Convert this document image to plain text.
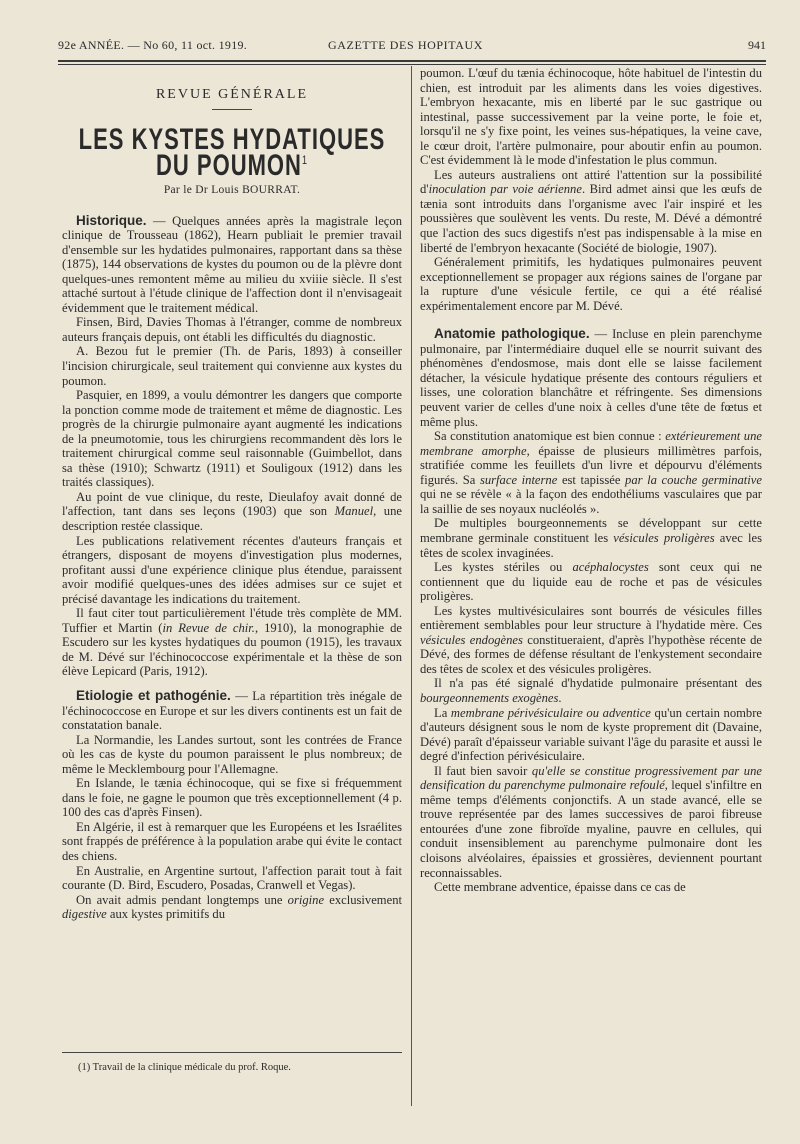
92e ANNÉE. — No 60, 11 oct. 1919.	GAZETTE DES HOPITAUX	941
REVUE GÉNÉRALE
LES KYSTES HYDATIQUES DU POUMON$^1$
Par le Dr Louis BOURRAT.

Historique. — Quelques années après la magistrale leçon clinique de Trousseau (1862), Hearn publiait le premier travail d'ensemble sur les hydatides pulmonaires, rapportant dans sa thèse (1875), 144 observations de kystes du poumon ou de la plèvre dont quelques-unes remontent même au milieu du xviiie siècle. Il s'est attaché surtout à l'étude clinique de l'affection dont il n'envisageait évidemment que le traitement médical.

Finsen, Bird, Davies Thomas à l'étranger, comme de nombreux auteurs français depuis, ont établi les difficultés du diagnostic.

A. Bezou fut le premier (Th. de Paris, 1893) à conseiller l'incision chirurgicale, seul traitement qui convienne aux kystes du poumon.

Pasquier, en 1899, a voulu démontrer les dangers que comporte la ponction comme mode de traitement et même de diagnostic. Les progrès de la chirurgie pulmonaire ayant augmenté les indications de la pneumotomie, tous les chirurgiens recommandent dès lors le traitement chirurgical comme seul raisonnable (Guimbellot, dans sa thèse (1910); Schwartz (1911) et Souligoux (1912) dans les traités classiques).

Au point de vue clinique, du reste, Dieulafoy avait donné de l'affection, tant dans ses leçons (1903) que son Manuel, une description restée classique.

Les publications relativement récentes d'auteurs français et étrangers, disposant de moyens d'investigation plus modernes, profitant aussi d'une expérience clinique plus étendue, paraissent avoir modifié quelques-unes des idées admises sur ce sujet et précisé davantage les indications du traitement.

Il faut citer tout particulièrement l'étude très complète de MM. Tuffier et Martin (in Revue de chir., 1910), la monographie de Escudero sur les kystes hydatiques du poumon (1915), les travaux de M. Dévé sur l'échinococcose expérimentale et la thèse de son élève Lepicard (Paris, 1912).

Etiologie et pathogénie. — La répartition très inégale de l'échinococcose en Europe et sur les divers continents est un fait de constatation banale.

La Normandie, les Landes surtout, sont les contrées de France où les cas de kyste du poumon paraissent le plus nombreux; de même le Mecklembourg pour l'Allemagne.

En Islande, le tænia échinocoque, qui se fixe si fréquemment dans le foie, ne gagne le poumon que très exceptionnellement (4 p. 100 des cas d'après Finsen).

En Algérie, il est à remarquer que les Européens et les Israélites sont frappés de préférence à la population arabe qui évite le contact des chiens.

En Australie, en Argentine surtout, l'affection parait tout à fait courante (D. Bird, Escudero, Posadas, Cranwell et Vegas).

On avait admis pendant longtemps une origine exclusivement digestive aux kystes primitifs du

(1) Travail de la clinique médicale du prof. Roque.

poumon. L'œuf du tænia échinocoque, hôte habituel de l'intestin du chien, est introduit par les aliments dans les voies digestives. L'embryon hexacante, mis en liberté par le suc gastrique ou intestinal, passe successivement par la veine porte, le foie et, lorsqu'il ne s'y fixe point, les veines sus-hépatiques, la veine cave, le cœur droit, l'artère pulmonaire, pour aboutir enfin au poumon. C'est évidemment là le mode d'infestation le plus commun.

Les auteurs australiens ont attiré l'attention sur la possibilité d'inoculation par voie aérienne. Bird admet ainsi que les œufs de tænia sont introduits dans l'organisme avec l'air inspiré et les poussières que soulèvent les vents. Du reste, M. Dévé a démontré que l'action des sucs digestifs n'est pas indispensable à la mise en liberté de l'embryon hexacante (Société de biologie, 1907).

Généralement primitifs, les hydatiques pulmonaires peuvent exceptionnellement se propager aux régions saines de l'organe par la rupture d'une vésicule fertile, ce qui a été réalisé expérimentalement encore par M. Dévé.

Anatomie pathologique. — Incluse en plein parenchyme pulmonaire, par l'intermédiaire duquel elle se nourrit suivant des phénomènes d'endosmose, mais dont elle se laisse facilement détacher, la vésicule hydatique présente des contours réguliers et lisses, une coloration blanchâtre et réfringente. Ses dimensions peuvent varier de celles d'une noix à celles d'une tête de fœtus et même plus.

Sa constitution anatomique est bien connue : extérieurement une membrane amorphe, épaisse de plusieurs millimètres parfois, stratifiée comme les feuillets d'un livre et dépourvu d'éléments figurés. Sa surface interne est tapissée par la couche germinative qui ne se révèle « à la façon des endothéliums vasculaires que par la saillie de ses noyaux nucléolés ».

De multiples bourgeonnements se développant sur cette membrane germinale constituent les vésicules proligères avec les têtes de scolex invaginées.

Les kystes stériles ou acéphalocystes sont ceux qui ne contiennent que du liquide eau de roche et pas de vésicules proligères.

Les kystes multivésiculaires sont bourrés de vésicules filles entièrement semblables pour leur structure à l'hydatide mère. Ces vésicules endogènes constitueraient, d'après l'hypothèse récente de Dévé, des formes de défense résultant de l'enkystement secondaire des têtes de scolex et des vésicules proligères.

Il n'a pas été signalé d'hydatide pulmonaire présentant des bourgeonnements exogènes.

La membrane périvésiculaire ou adventice qu'un certain nombre d'auteurs désignent sous le nom de kyste proprement dit (Davaine, Dévé) paraît d'épaisseur variable suivant l'âge du parasite et aussi le degré d'infection périvésiculaire.

Il faut bien savoir qu'elle se constitue progressivement par une densification du parenchyme pulmonaire refoulé, lequel s'infiltre en même temps d'éléments conjonctifs. A un stade avancé, elle se trouve représentée par des lames successives de paroi fibreuse entourées d'une zone fibroïde myaline, pauvre en cellules, qui conduit insensiblement au parenchyme pulmonaire dont les cloisons alvéolaires, épaissies et grossières, deviennent pourtant reconnaissables.

Cette membrane adventice, épaisse dans ce cas de
